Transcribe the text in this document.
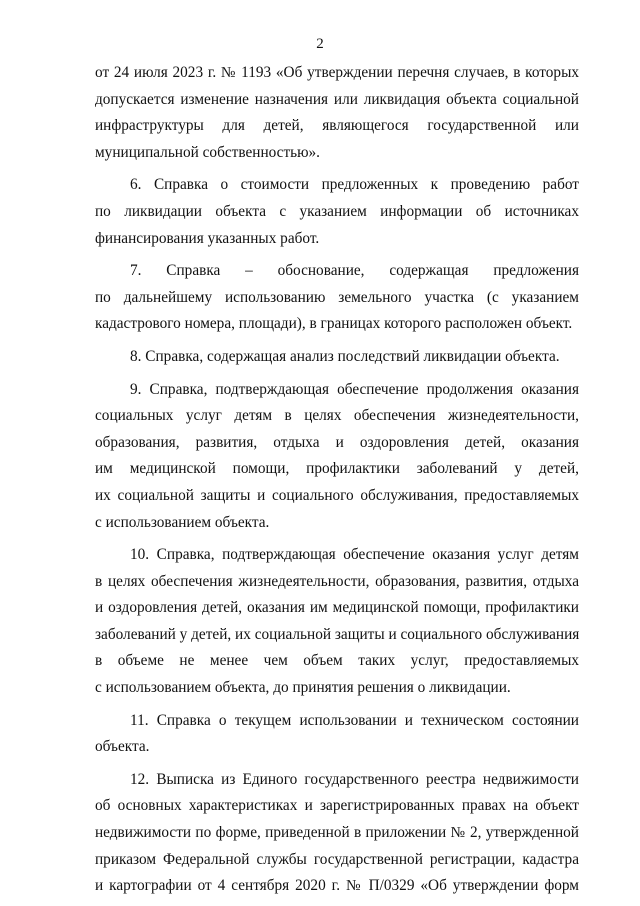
2
от 24 июля 2023 г. № 1193 «Об утверждении перечня случаев, в которых
допускается изменение назначения или ликвидация объекта социальной
инфраструктуры для детей, являющегося государственной или
муниципальной собственностью».
6. Справка о стоимости предложенных к проведению работ
по ликвидации объекта с указанием информации об источниках
финансирования указанных работ.
7. Справка – обоснование, содержащая предложения
по дальнейшему использованию земельного участка (с указанием
кадастрового номера, площади), в границах которого расположен объект.
8. Справка, содержащая анализ последствий ликвидации объекта.
9. Справка, подтверждающая обеспечение продолжения оказания
социальных услуг детям в целях обеспечения жизнедеятельности,
образования, развития, отдыха и оздоровления детей, оказания
им медицинской помощи, профилактики заболеваний у детей,
их социальной защиты и социального обслуживания, предоставляемых
с использованием объекта.
10. Справка, подтверждающая обеспечение оказания услуг детям
в целях обеспечения жизнедеятельности, образования, развития, отдыха
и оздоровления детей, оказания им медицинской помощи, профилактики
заболеваний у детей, их социальной защиты и социального обслуживания
в объеме не менее чем объем таких услуг, предоставляемых
с использованием объекта, до принятия решения о ликвидации.
11. Справка о текущем использовании и техническом состоянии
объекта.
12. Выписка из Единого государственного реестра недвижимости
об основных характеристиках и зарегистрированных правах на объект
недвижимости по форме, приведенной в приложении № 2, утвержденной
приказом Федеральной службы государственной регистрации, кадастра
и картографии от 4 сентября 2020 г. № П/0329 «Об утверждении форм
